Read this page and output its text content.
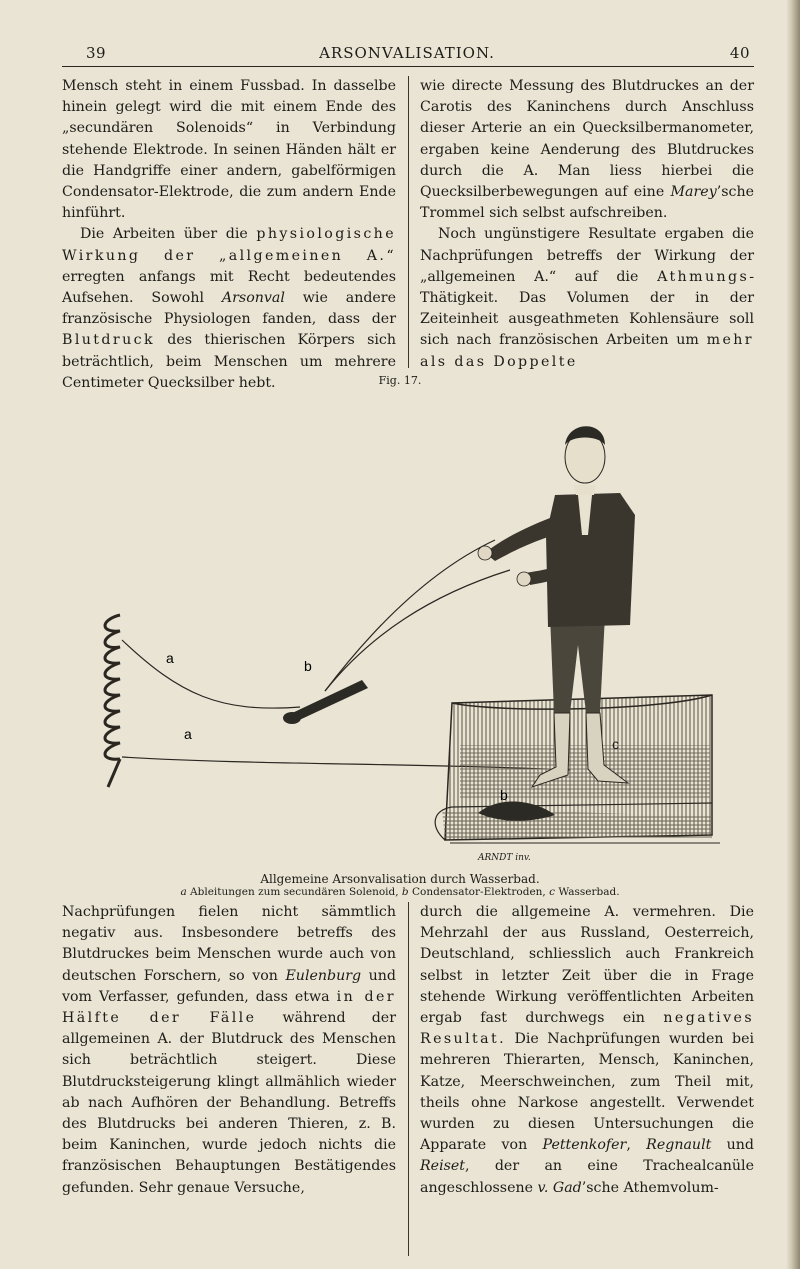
39	ARSONVALISATION.	40

Mensch steht in einem Fussbad. In dasselbe hinein gelegt wird die mit einem Ende des „secundären Solenoids“ in Verbindung stehende Elektrode. In seinen Händen hält er die Handgriffe einer andern, gabelförmigen Condensator-Elektrode, die zum andern Ende hinführt.

Die Arbeiten über die physiologische Wirkung der „allgemeinen A.“ erregten anfangs mit Recht bedeutendes Aufsehen. Sowohl Arsonval wie andere französische Physiologen fanden, dass der Blutdruck des thierischen Körpers sich beträchtlich, beim Menschen um mehrere Centimeter Quecksilber hebt.

wie directe Messung des Blutdruckes an der Carotis des Kaninchens durch Anschluss dieser Arterie an ein Quecksilbermanometer, ergaben keine Aenderung des Blutdruckes durch die A. Man liess hierbei die Quecksilberbewegungen auf eine Marey’sche Trommel sich selbst aufschreiben.

Noch ungünstigere Resultate ergaben die Nachprüfungen betreffs der Wirkung der „allgemeinen A.“ auf die Athmungs-Thätigkeit. Das Volumen der in der Zeiteinheit ausgeathmeten Kohlensäure soll sich nach französischen Arbeiten um mehr als das Doppelte

Fig. 17.
a	b
a
c
b
ARNDT inv.
Allgemeine Arsonvalisation durch Wasserbad.
a Ableitungen zum secundären Solenoid, b Condensator-Elektroden, c Wasserbad.

Nachprüfungen fielen nicht sämmtlich negativ aus. Insbesondere betreffs des Blutdruckes beim Menschen wurde auch von deutschen Forschern, so von Eulenburg und vom Verfasser, gefunden, dass etwa in der Hälfte der Fälle während der allgemeinen A. der Blutdruck des Menschen sich beträchtlich steigert. Diese Blutdrucksteigerung klingt allmählich wieder ab nach Aufhören der Behandlung. Betreffs des Blutdrucks bei anderen Thieren, z. B. beim Kaninchen, wurde jedoch nichts die französischen Behauptungen Bestätigendes gefunden. Sehr genaue Versuche,

durch die allgemeine A. vermehren. Die Mehrzahl der aus Russland, Oesterreich, Deutschland, schliesslich auch Frankreich selbst in letzter Zeit über die in Frage stehende Wirkung veröffentlichten Arbeiten ergab fast durchwegs ein negatives Resultat. Die Nachprüfungen wurden bei mehreren Thierarten, Mensch, Kaninchen, Katze, Meerschweinchen, zum Theil mit, theils ohne Narkose angestellt. Verwendet wurden zu diesen Untersuchungen die Apparate von Pettenkofer, Regnault und Reiset, der an eine Trachealcanüle angeschlossene v. Gad’sche Athemvolum-
